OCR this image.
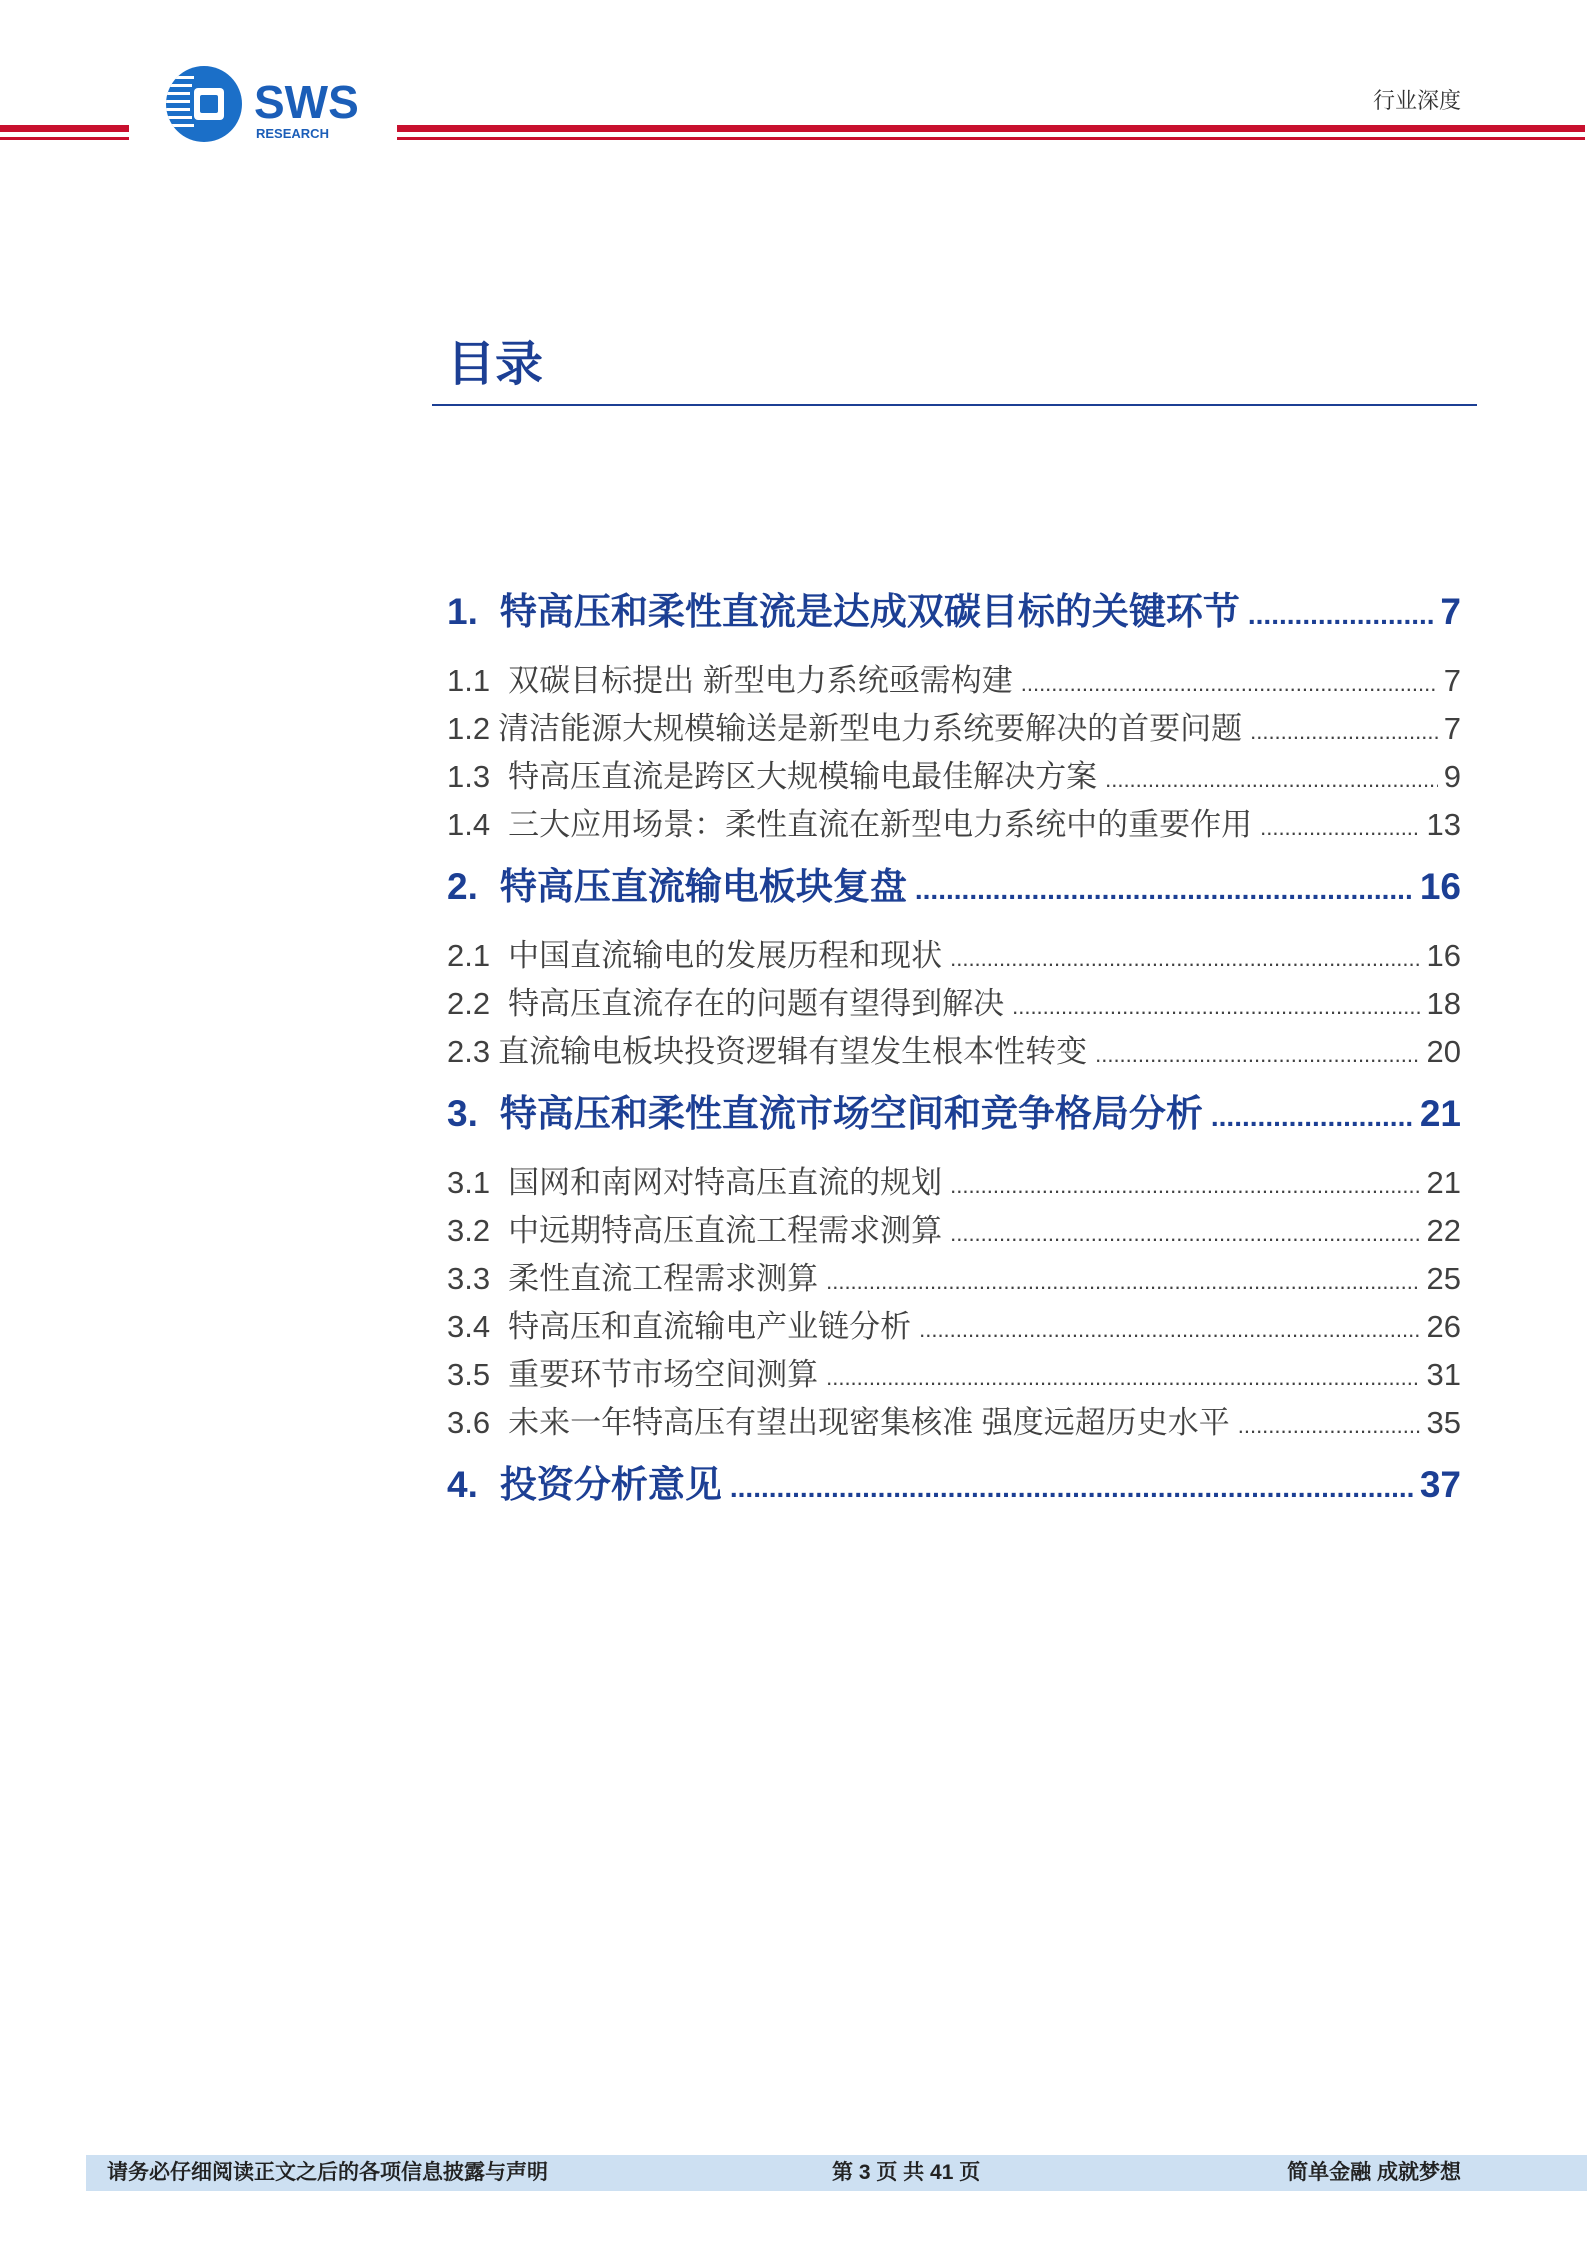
SWS
RESEARCH
行业深度
目录
1. 特高压和柔性直流是达成双碳目标的关键环节 .....	7
1.1 双碳目标提出 新型电力系统亟需构建 .....	7
1.2 清洁能源大规模输送是新型电力系统要解决的首要问题 .....	7
1.3 特高压直流是跨区大规模输电最佳解决方案 .....	9
1.4 三大应用场景：柔性直流在新型电力系统中的重要作用 .....	13
2. 特高压直流输电板块复盘 .....	16
2.1 中国直流输电的发展历程和现状 .....	16
2.2 特高压直流存在的问题有望得到解决 .....	18
2.3 直流输电板块投资逻辑有望发生根本性转变 .....	20
3. 特高压和柔性直流市场空间和竞争格局分析 .....	21
3.1 国网和南网对特高压直流的规划 .....	21
3.2 中远期特高压直流工程需求测算 .....	22
3.3 柔性直流工程需求测算 .....	25
3.4 特高压和直流输电产业链分析 .....	26
3.5 重要环节市场空间测算 .....	31
3.6 未来一年特高压有望出现密集核准 强度远超历史水平 .....	35
4. 投资分析意见 .....	37
请务必仔细阅读正文之后的各项信息披露与声明	第 3 页 共 41 页	简单金融 成就梦想
